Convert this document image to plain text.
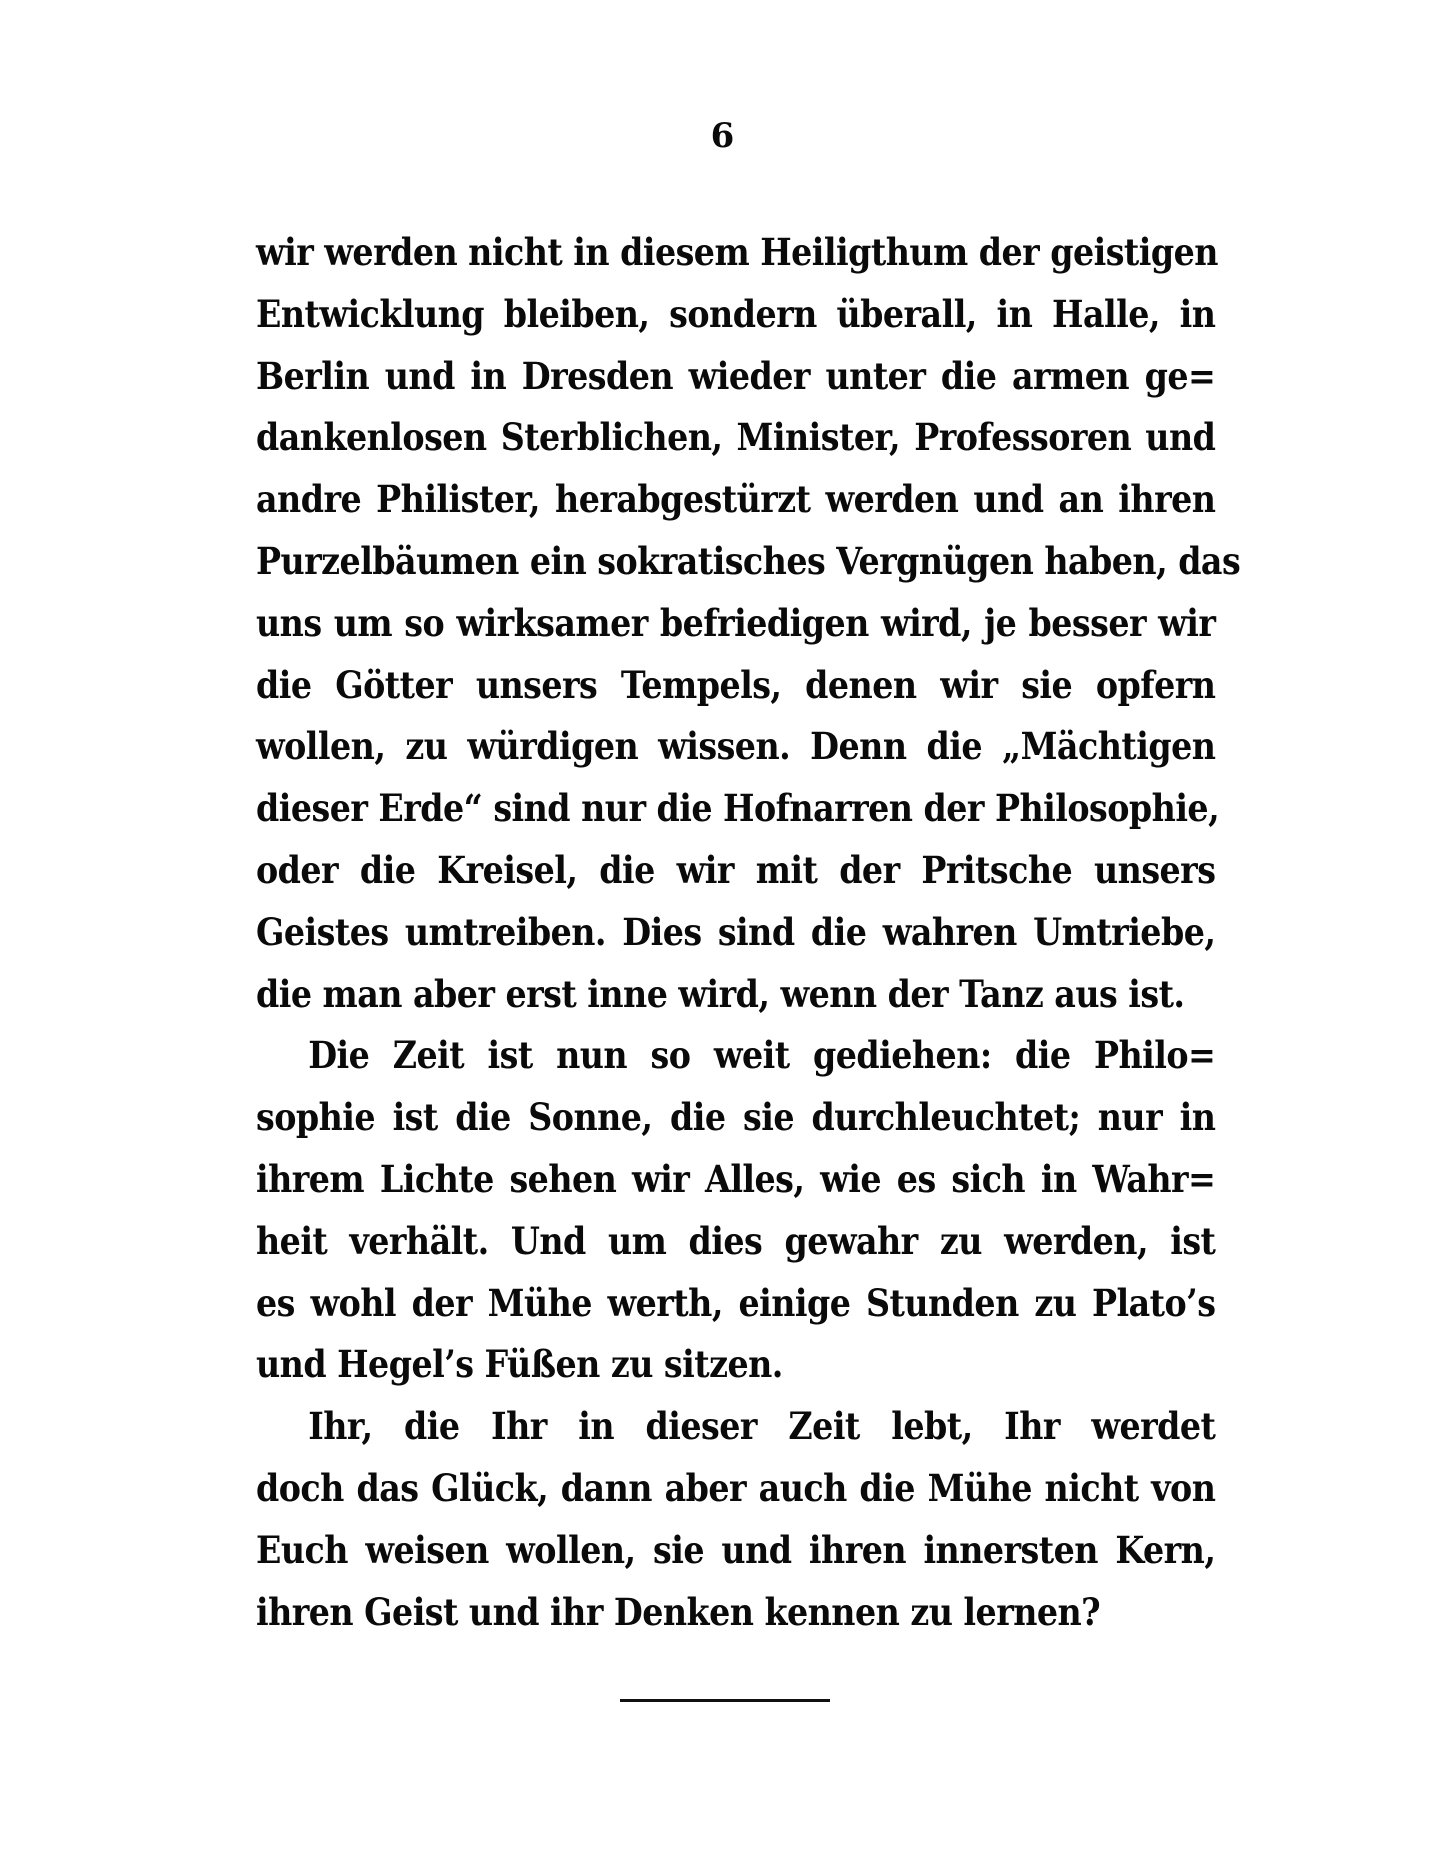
6
wir werden nicht in diesem Heiligthum der geistigen
Entwicklung bleiben, sondern überall, in Halle, in
Berlin und in Dresden wieder unter die armen ge=
dankenlosen Sterblichen, Minister, Professoren und
andre Philister, herabgestürzt werden und an ihren
Purzelbäumen ein sokratisches Vergnügen haben, das
uns um so wirksamer befriedigen wird, je besser wir
die Götter unsers Tempels, denen wir sie opfern
wollen, zu würdigen wissen. Denn die „Mächtigen
dieser Erde“ sind nur die Hofnarren der Philosophie,
oder die Kreisel, die wir mit der Pritsche unsers
Geistes umtreiben. Dies sind die wahren Umtriebe,
die man aber erst inne wird, wenn der Tanz aus ist.
Die Zeit ist nun so weit gediehen: die Philo=
sophie ist die Sonne, die sie durchleuchtet; nur in
ihrem Lichte sehen wir Alles, wie es sich in Wahr=
heit verhält. Und um dies gewahr zu werden, ist
es wohl der Mühe werth, einige Stunden zu Plato’s
und Hegel’s Füßen zu sitzen.
Ihr, die Ihr in dieser Zeit lebt, Ihr werdet
doch das Glück, dann aber auch die Mühe nicht von
Euch weisen wollen, sie und ihren innersten Kern,
ihren Geist und ihr Denken kennen zu lernen?
